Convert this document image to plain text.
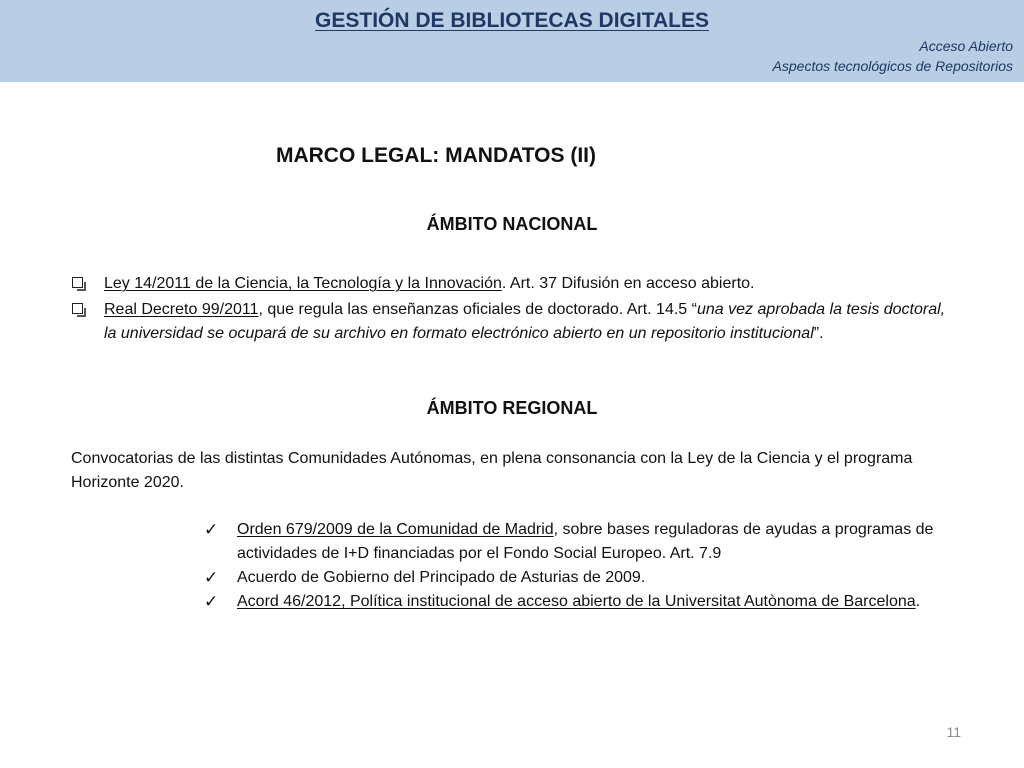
GESTIÓN DE BIBLIOTECAS DIGITALES
Acceso Abierto
Aspectos tecnológicos de Repositorios
MARCO LEGAL: MANDATOS (II)
ÁMBITO NACIONAL
Ley 14/2011 de la Ciencia, la Tecnología y la Innovación. Art. 37 Difusión en acceso abierto.
Real Decreto 99/2011, que regula las enseñanzas oficiales de doctorado. Art. 14.5 “una vez aprobada la tesis doctoral, la universidad se ocupará de su archivo en formato electrónico abierto en un repositorio institucional”.
ÁMBITO REGIONAL
Convocatorias de las distintas Comunidades Autónomas, en plena consonancia con la Ley de la Ciencia y el programa Horizonte 2020.
✓ Orden 679/2009 de la Comunidad de Madrid, sobre bases reguladoras de ayudas a programas de actividades de I+D financiadas por el Fondo Social Europeo. Art. 7.9
✓ Acuerdo de Gobierno del Principado de Asturias de 2009.
✓ Acord 46/2012, Política institucional de acceso abierto de la Universitat Autònoma de Barcelona.
11
